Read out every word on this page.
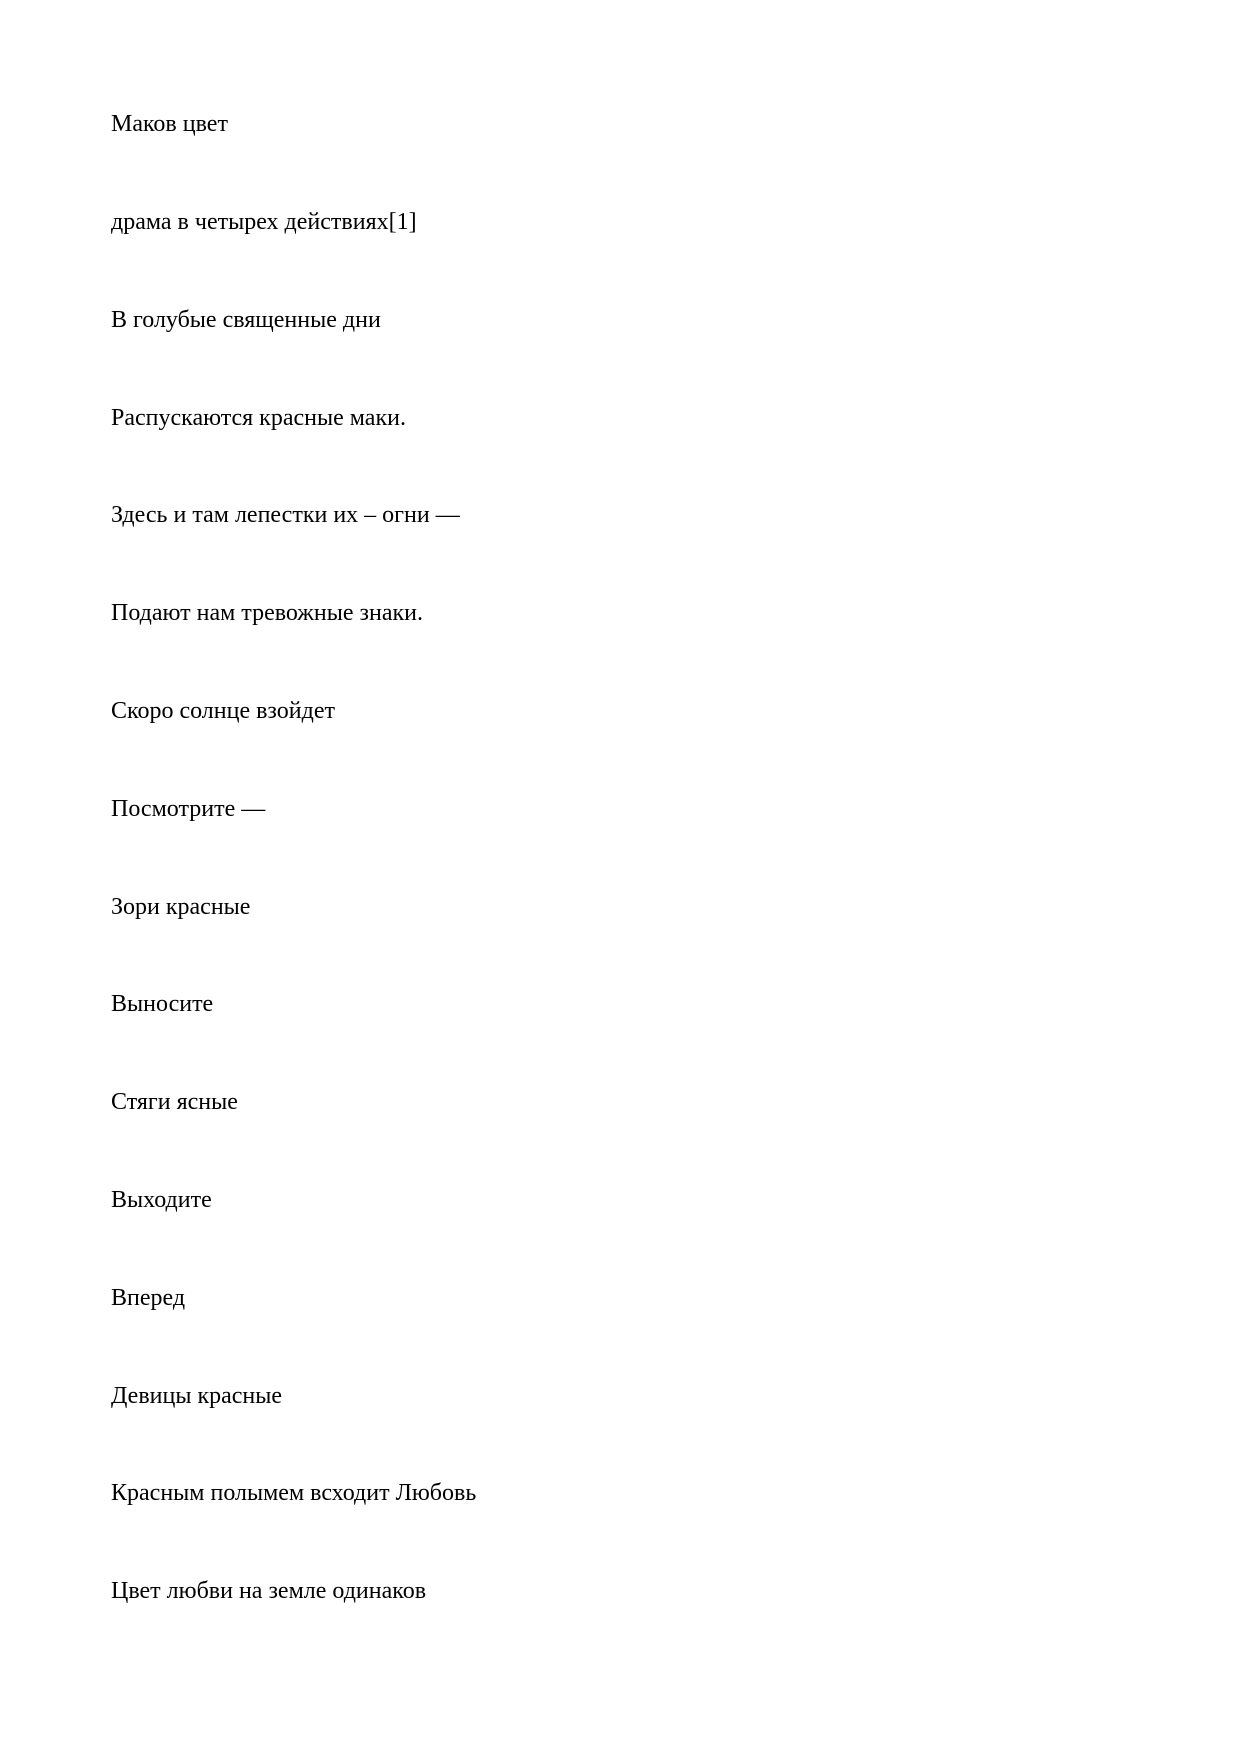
Маков цвет

драма в четырех действиях[1]

В голубые священные дни

Распускаются красные маки.

Здесь и там лепестки их – огни —

Подают нам тревожные знаки.

Скоро солнце взойдет

Посмотрите —

Зори красные

Выносите

Стяги ясные

Выходите

Вперед

Девицы красные

Красным полымем всходит Любовь

Цвет любви на земле одинаков
